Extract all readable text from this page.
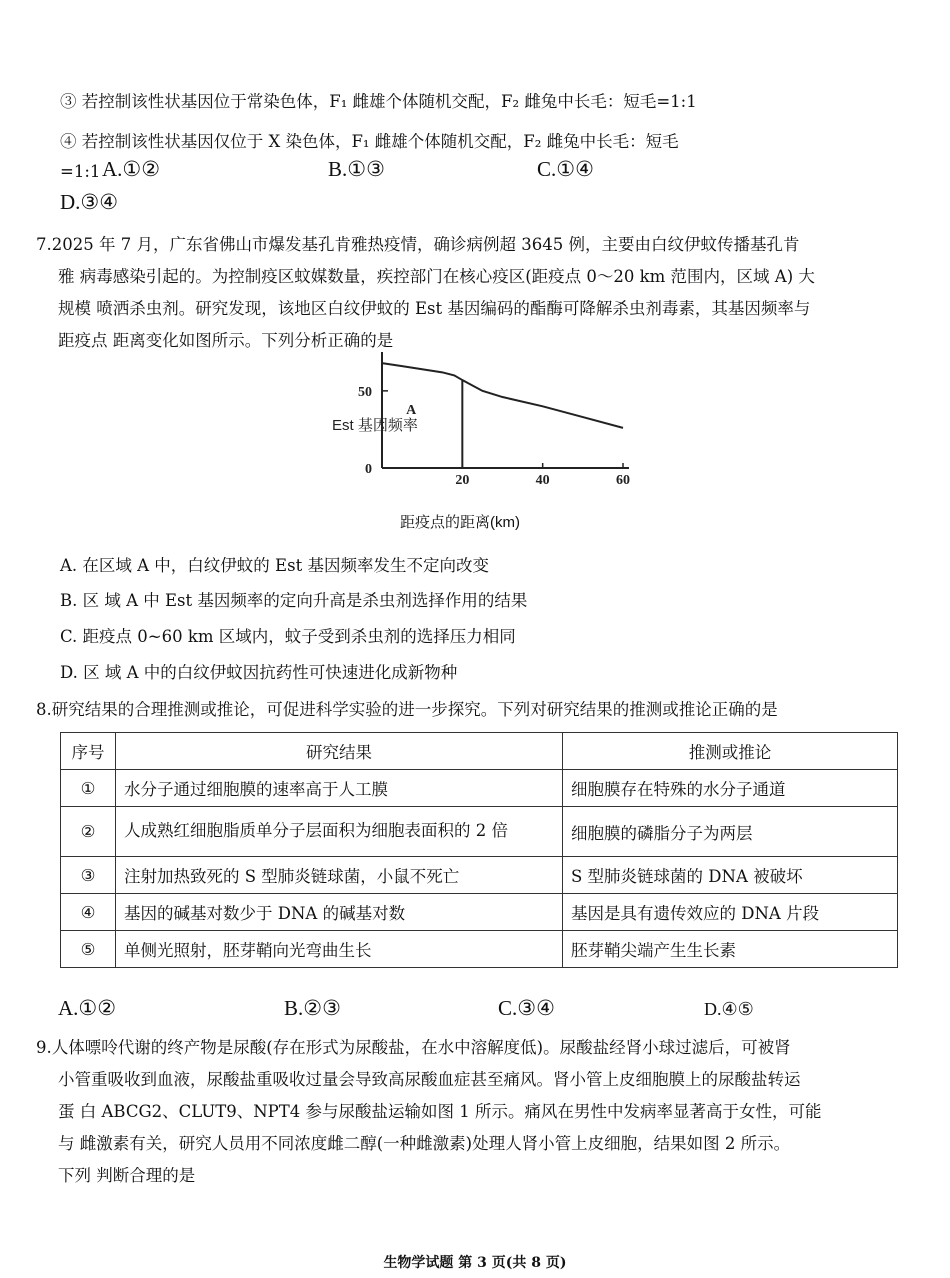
③ 若控制该性状基因位于常染色体，F₁ 雌雄个体随机交配，F₂ 雌兔中长毛：短毛=1:1
④ 若控制该性状基因仅位于 X 染色体，F₁ 雌雄个体随机交配，F₂ 雌兔中长毛：短毛
=1:1 A.①②	B.①③	C.①④
D.③④
7.2025 年 7 月，广东省佛山市爆发基孔肯雅热疫情，确诊病例超 3645 例，主要由白纹伊蚊传播基孔肯
雅 病毒感染引起的。为控制疫区蚊媒数量，疾控部门在核心疫区(距疫点 0～20 km 范围内，区域 A) 大
规模 喷洒杀虫剂。研究发现，该地区白纹伊蚊的 Est 基因编码的酯酶可降解杀虫剂毒素，其基因频率与
距疫点 距离变化如图所示。下列分析正确的是
20	40	60
0
50
Est 基因频率
A
距疫点的距离(km)
A. 在区域 A 中，白纹伊蚊的 Est 基因频率发生不定向改变
B. 区 域 A 中 Est 基因频率的定向升高是杀虫剂选择作用的结果
C. 距疫点 0~60 km 区域内，蚊子受到杀虫剂的选择压力相同
D. 区 域 A 中的白纹伊蚊因抗药性可快速进化成新物种
8.研究结果的合理推测或推论，可促进科学实验的进一步探究。下列对研究结果的推测或推论正确的是
序号	研究结果	推测或推论
①	水分子通过细胞膜的速率高于人工膜	细胞膜存在特殊的水分子通道
②	人成熟红细胞脂质单分子层面积为细胞表面积的 2 倍	细胞膜的磷脂分子为两层
③	注射加热致死的 S 型肺炎链球菌，小鼠不死亡	S 型肺炎链球菌的 DNA 被破坏
④	基因的碱基对数少于 DNA 的碱基对数	基因是具有遗传效应的 DNA 片段
⑤	单侧光照射，胚芽鞘向光弯曲生长	胚芽鞘尖端产生生长素
A.①②	B.②③	C.③④	D.④⑤
9.人体嘌呤代谢的终产物是尿酸(存在形式为尿酸盐，在水中溶解度低)。尿酸盐经肾小球过滤后，可被肾
小管重吸收到血液，尿酸盐重吸收过量会导致高尿酸血症甚至痛风。肾小管上皮细胞膜上的尿酸盐转运
蛋 白 ABCG2、CLUT9、NPT4 参与尿酸盐运输如图 1 所示。痛风在男性中发病率显著高于女性，可能
与 雌激素有关，研究人员用不同浓度雌二醇(一种雌激素)处理人肾小管上皮细胞，结果如图 2 所示。
下列 判断合理的是
生物学试题 第 3 页(共 8 页)
